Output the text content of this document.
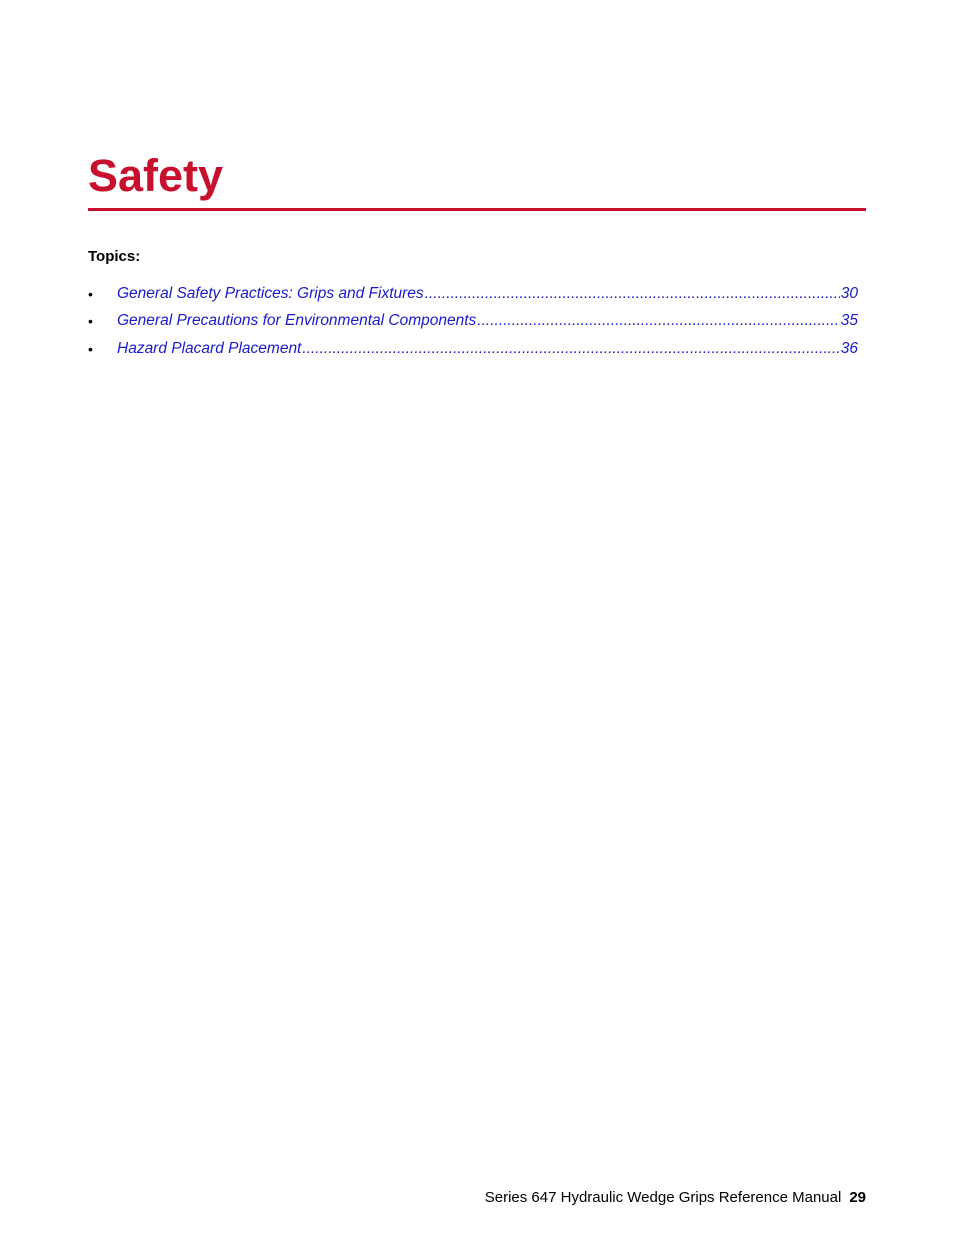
Safety
Topics:
•	General Safety Practices: Grips and Fixtures .....	30
•	General Precautions for Environmental Components .....	35
•	Hazard Placard Placement .....	36
Series 647 Hydraulic Wedge Grips Reference Manual 29
